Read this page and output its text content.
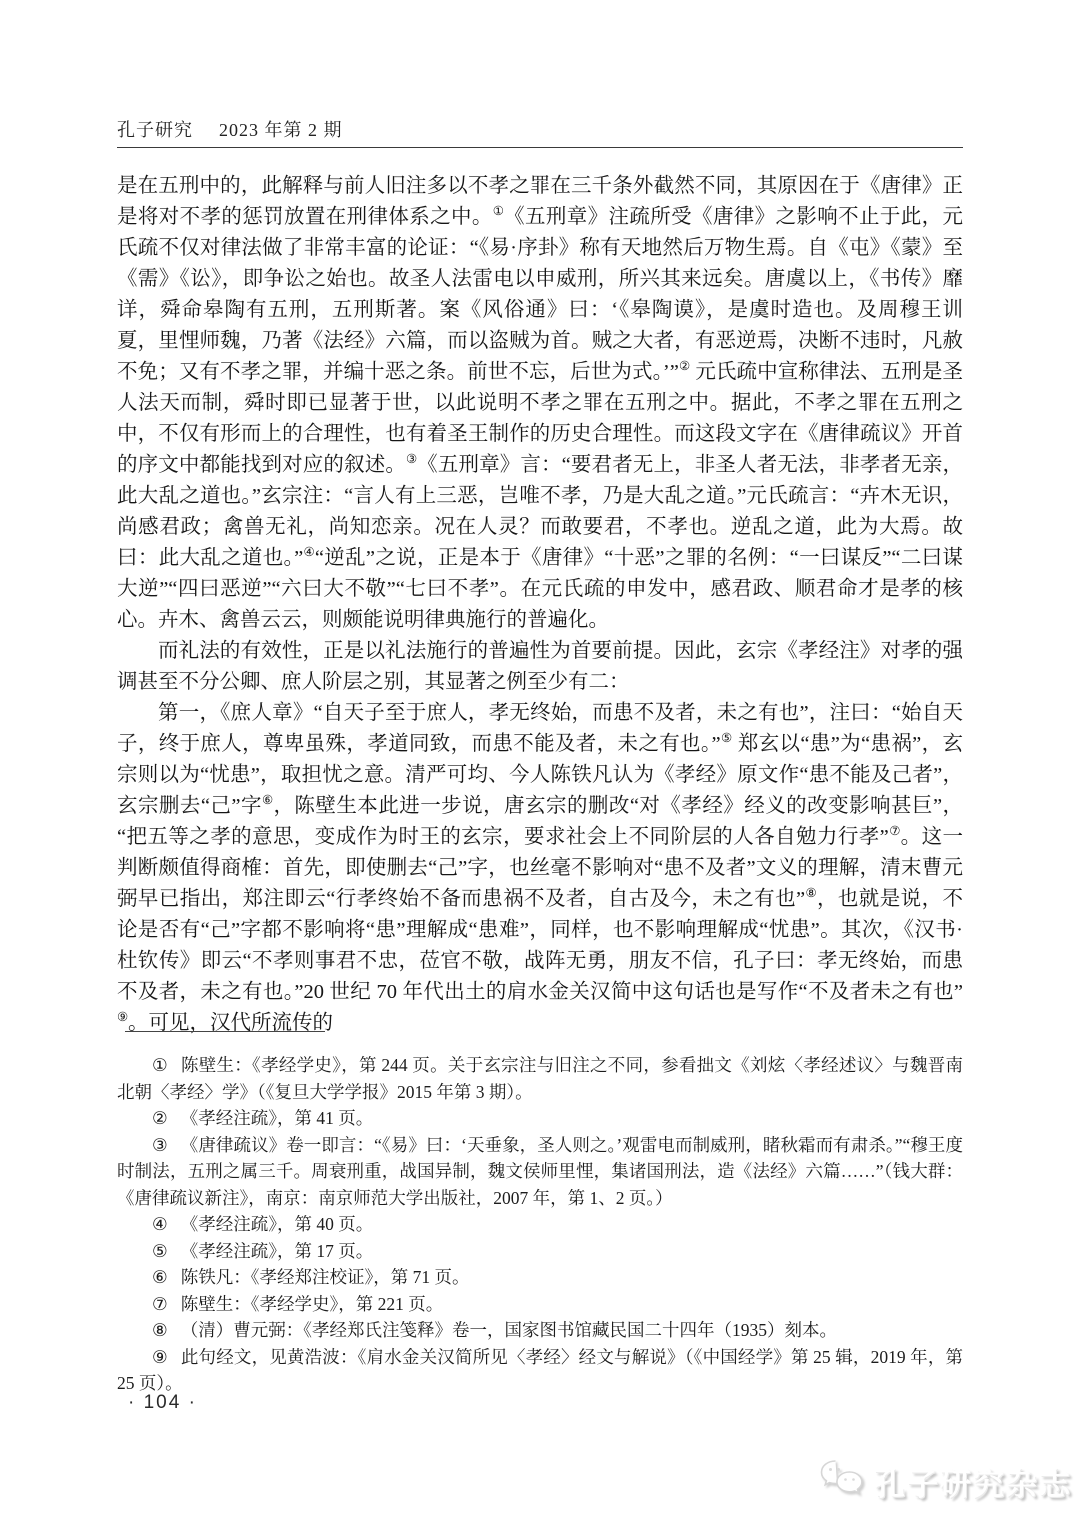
孔子研究 2023 年第 2 期

是在五刑中的，此解释与前人旧注多以不孝之罪在三千条外截然不同，其原因在于《唐律》正是将对不孝的惩罚放置在刑律体系之中。①《五刑章》注疏所受《唐律》之影响不止于此，元氏疏不仅对律法做了非常丰富的论证：“《易·序卦》称有天地然后万物生焉。自《屯》《蒙》至《需》《讼》，即争讼之始也。故圣人法雷电以申威刑，所兴其来远矣。唐虞以上，《书传》靡详，舜命皋陶有五刑，五刑斯著。案《风俗通》曰：‘《皋陶谟》，是虞时造也。及周穆王训夏，里悝师魏，乃著《法经》六篇，而以盗贼为首。贼之大者，有恶逆焉，决断不违时，凡赦不免；又有不孝之罪，并编十恶之条。前世不忘，后世为式。’”② 元氏疏中宣称律法、五刑是圣人法天而制，舜时即已显著于世，以此说明不孝之罪在五刑之中。据此，不孝之罪在五刑之中，不仅有形而上的合理性，也有着圣王制作的历史合理性。而这段文字在《唐律疏议》开首的序文中都能找到对应的叙述。③《五刑章》言：“要君者无上，非圣人者无法，非孝者无亲，此大乱之道也。”玄宗注：“言人有上三恶，岂唯不孝，乃是大乱之道。”元氏疏言：“卉木无识，尚感君政；禽兽无礼，尚知恋亲。况在人灵？而敢要君，不孝也。逆乱之道，此为大焉。故曰：此大乱之道也。”④“逆乱”之说，正是本于《唐律》“十恶”之罪的名例：“一曰谋反”“二曰谋大逆”“四曰恶逆”“六曰大不敬”“七曰不孝”。在元氏疏的申发中，感君政、顺君命才是孝的核心。卉木、禽兽云云，则颇能说明律典施行的普遍化。

而礼法的有效性，正是以礼法施行的普遍性为首要前提。因此，玄宗《孝经注》对孝的强调甚至不分公卿、庶人阶层之别，其显著之例至少有二：

第一，《庶人章》“自天子至于庶人，孝无终始，而患不及者，未之有也”，注曰：“始自天子，终于庶人，尊卑虽殊，孝道同致，而患不能及者，未之有也。”⑤ 郑玄以“患”为“患祸”，玄宗则以为“忧患”，取担忧之意。清严可均、今人陈铁凡认为《孝经》原文作“患不能及己者”，玄宗删去“己”字⑥，陈壁生本此进一步说，唐玄宗的删改“对《孝经》经义的改变影响甚巨”，“把五等之孝的意思，变成作为时王的玄宗，要求社会上不同阶层的人各自勉力行孝”⑦。这一判断颇值得商榷：首先，即使删去“己”字，也丝毫不影响对“患不及者”文义的理解，清末曹元弼早已指出，郑注即云“行孝终始不备而患祸不及者，自古及今，未之有也”⑧，也就是说，不论是否有“己”字都不影响将“患”理解成“患难”，同样，也不影响理解成“忧患”。其次，《汉书·杜钦传》即云“不孝则事君不忠，莅官不敬，战阵无勇，朋友不信，孔子曰：孝无终始，而患不及者，未之有也。”20 世纪 70 年代出土的肩水金关汉简中这句话也是写作“不及者未之有也”⑨。可见，汉代所流传的

① 陈壁生：《孝经学史》，第 244 页。关于玄宗注与旧注之不同，参看拙文《刘炫〈孝经述议〉与魏晋南北朝〈孝经〉学》（《复旦大学学报》2015 年第 3 期）。

② 《孝经注疏》，第 41 页。

③ 《唐律疏议》卷一即言：“《易》曰：‘天垂象，圣人则之。’观雷电而制威刑，睹秋霜而有肃杀。”“穆王度时制法，五刑之属三千。周衰刑重，战国异制，魏文侯师里悝，集诸国刑法，造《法经》六篇……”（钱大群：《唐律疏议新注》，南京：南京师范大学出版社，2007 年，第 1、2 页。）

④ 《孝经注疏》，第 40 页。

⑤ 《孝经注疏》，第 17 页。

⑥ 陈铁凡：《孝经郑注校证》，第 71 页。

⑦ 陈壁生：《孝经学史》，第 221 页。

⑧ （清）曹元弼：《孝经郑氏注笺释》卷一，国家图书馆藏民国二十四年（1935）刻本。

⑨ 此句经文，见黄浩波：《肩水金关汉简所见〈孝经〉经文与解说》（《中国经学》第 25 辑，2019 年，第 25 页）。

· 104 ·
孔子研究杂志
